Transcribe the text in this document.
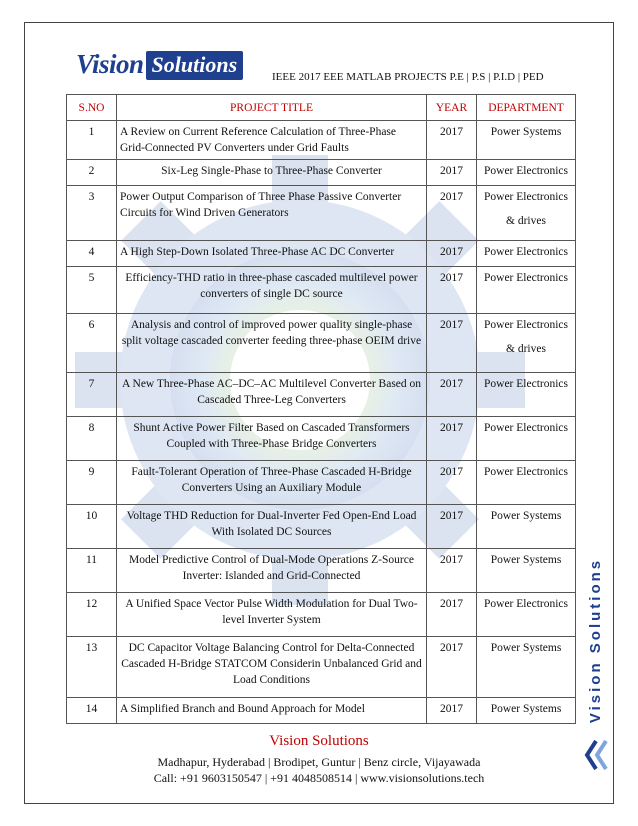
Vision Solutions	IEEE 2017 EEE MATLAB PROJECTS P.E | P.S | P.I.D | PED
S.NO	PROJECT TITLE	YEAR	DEPARTMENT
1	A Review on Current Reference Calculation of Three-Phase Grid-Connected PV Converters under Grid Faults	2017	Power Systems
2	Six-Leg Single-Phase to Three-Phase Converter	2017	Power Electronics
3	Power Output Comparison of Three Phase Passive Converter Circuits for Wind Driven Generators	2017	Power Electronics
& drives

4	A High Step-Down Isolated Three-Phase AC DC Converter	2017	Power Electronics
5	Efficiency-THD ratio in three-phase cascaded multilevel power converters of single DC source	2017	Power Electronics
6	Analysis and control of improved power quality single-phase split voltage cascaded converter feeding three-phase OEIM drive	2017	Power Electronics
& drives

7	A New Three-Phase AC–DC–AC Multilevel Converter Based on Cascaded Three-Leg Converters	2017	Power Electronics
8	Shunt Active Power Filter Based on Cascaded Transformers Coupled with Three-Phase Bridge Converters	2017	Power Electronics
9	Fault-Tolerant Operation of Three-Phase Cascaded H-Bridge Converters Using an Auxiliary Module	2017	Power Electronics
10	Voltage THD Reduction for Dual-Inverter Fed Open-End Load With Isolated DC Sources	2017	Power Systems
11	Model Predictive Control of Dual-Mode Operations Z-Source Inverter: Islanded and Grid-Connected	2017	Power Systems
12	A Unified Space Vector Pulse Width Modulation for Dual Two-level Inverter System	2017	Power Electronics
13	DC Capacitor Voltage Balancing Control for Delta-Connected Cascaded H-Bridge STATCOM Considerin Unbalanced Grid and Load Conditions	2017	Power Systems
14	A Simplified Branch and Bound Approach for Model	2017	Power Systems Vision Solutions
Vision Solutions
Madhapur, Hyderabad | Brodipet, Guntur | Benz circle, Vijayawada
Call: +91 9603150547 | +91 4048508514 | www.visionsolutions.tech
